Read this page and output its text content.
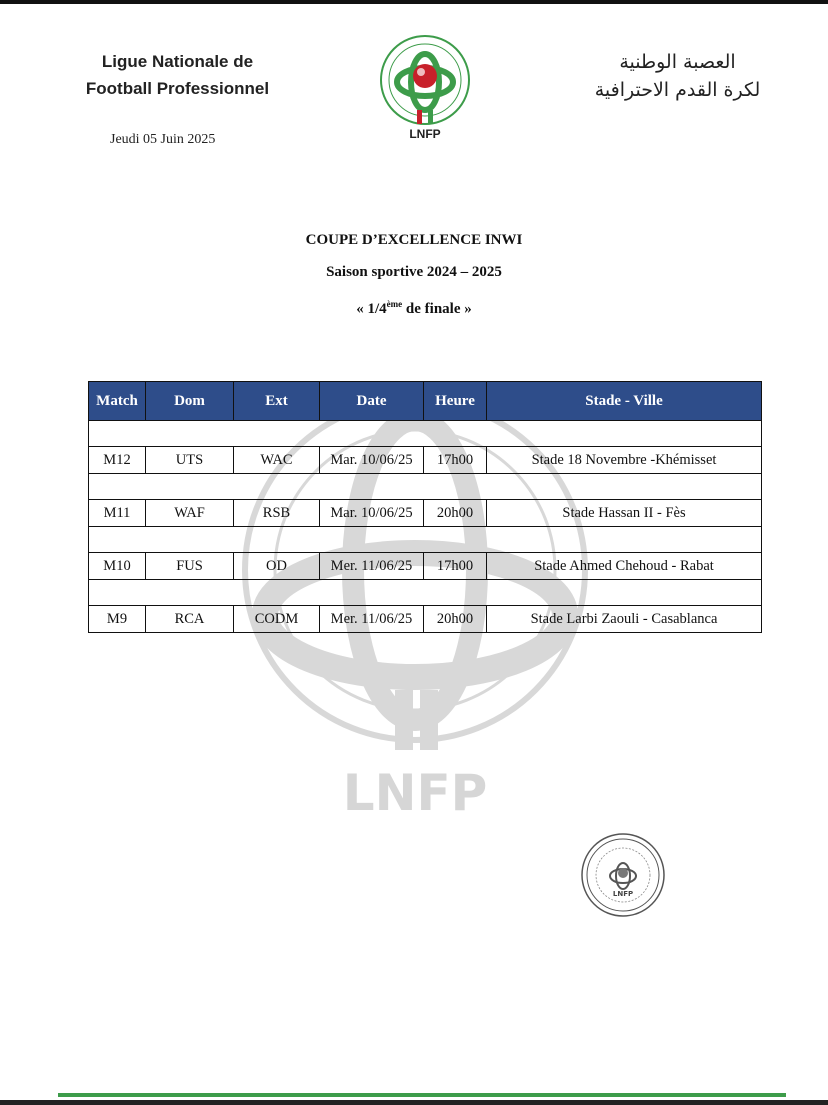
Ligue Nationale de
Football Professionnel
LNFP
العصبة الوطنية
لكرة القدم الاحترافية
Jeudi 05 Juin 2025
COUPE D’EXCELLENCE INWI
Saison sportive 2024 – 2025
« 1/4ème de finale »
LNFP
Match	Dom	Ext	Date	Heure	Stade - Ville

M12	UTS	WAC	Mar. 10/06/25	17h00	Stade 18 Novembre -Khémisset

M11	WAF	RSB	Mar. 10/06/25	20h00	Stade Hassan II - Fès

M10	FUS	OD	Mer. 11/06/25	17h00	Stade Ahmed Chehoud - Rabat

M9	RCA	CODM	Mer. 11/06/25	20h00	Stade Larbi Zaouli - Casablanca
LNFP
